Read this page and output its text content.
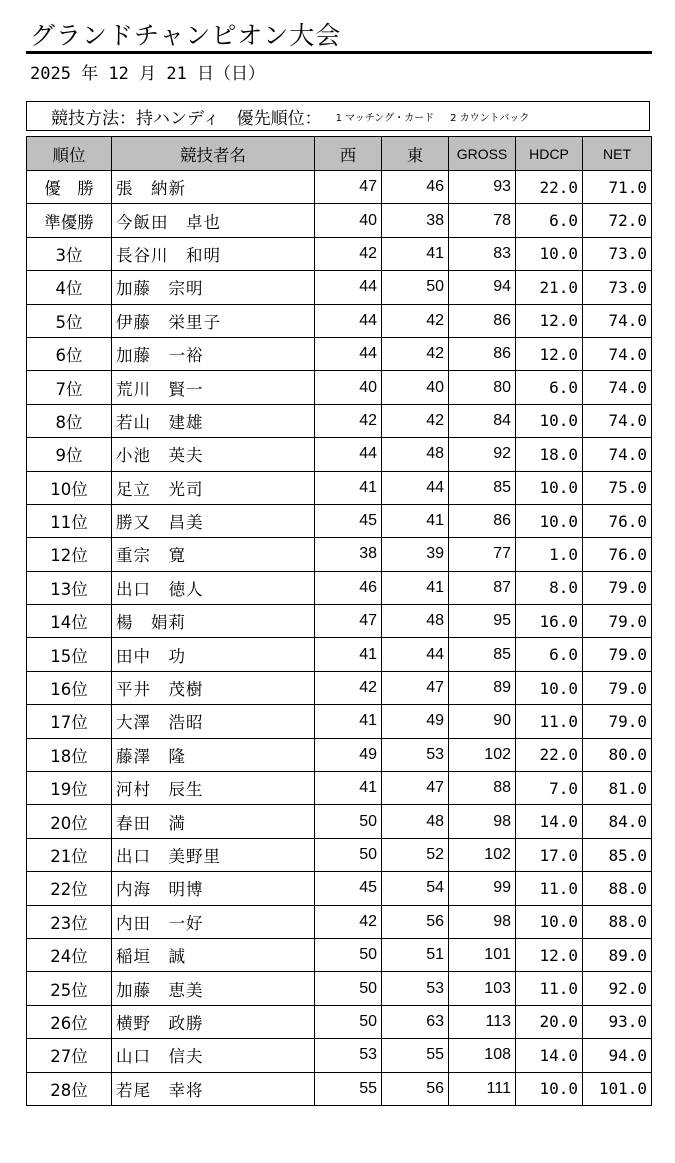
グランドチャンピオン大会
2025 年 12 月 21 日（日）
競技方法：持ハンディ　優先順位： 1 マッチング・カード 2 カウントバック
順位	競技者名	西	東	GROSS	HDCP	NET
優　勝	張　納新	47	46	93	22.0	71.0
準優勝	今飯田　卓也	40	38	78	6.0	72.0
3位	長谷川　和明	42	41	83	10.0	73.0
4位	加藤　宗明	44	50	94	21.0	73.0
5位	伊藤　栄里子	44	42	86	12.0	74.0
6位	加藤　一裕	44	42	86	12.0	74.0
7位	荒川　賢一	40	40	80	6.0	74.0
8位	若山　建雄	42	42	84	10.0	74.0
9位	小池　英夫	44	48	92	18.0	74.0
10位	足立　光司	41	44	85	10.0	75.0
11位	勝又　昌美	45	41	86	10.0	76.0
12位	重宗　寛	38	39	77	1.0	76.0
13位	出口　徳人	46	41	87	8.0	79.0
14位	楊　娟莉	47	48	95	16.0	79.0
15位	田中　功	41	44	85	6.0	79.0
16位	平井　茂樹	42	47	89	10.0	79.0
17位	大澤　浩昭	41	49	90	11.0	79.0
18位	藤澤　隆	49	53	102	22.0	80.0
19位	河村　辰生	41	47	88	7.0	81.0
20位	春田　満	50	48	98	14.0	84.0
21位	出口　美野里	50	52	102	17.0	85.0
22位	内海　明博	45	54	99	11.0	88.0
23位	内田　一好	42	56	98	10.0	88.0
24位	稲垣　誠	50	51	101	12.0	89.0
25位	加藤　恵美	50	53	103	11.0	92.0
26位	横野　政勝	50	63	113	20.0	93.0
27位	山口　信夫	53	55	108	14.0	94.0
28位	若尾　幸将	55	56	111	10.0	101.0
